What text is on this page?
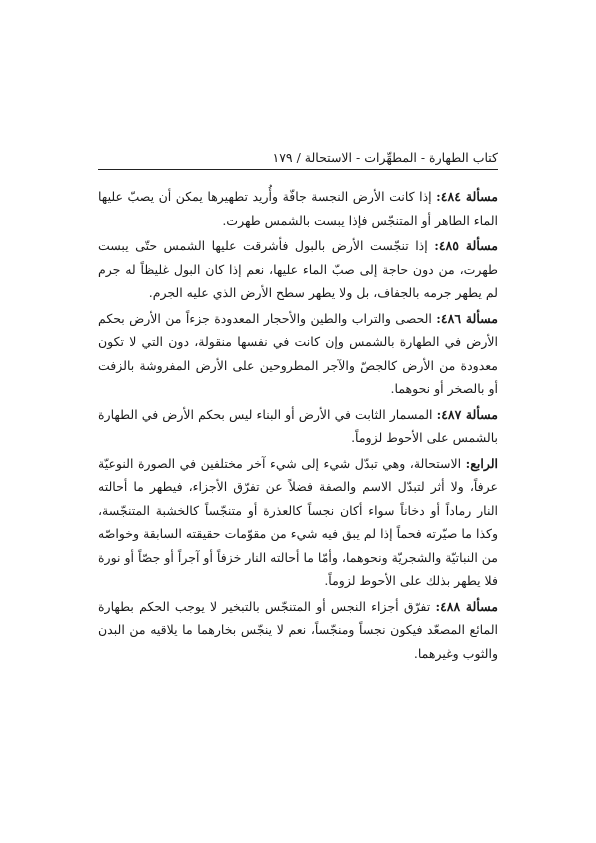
كتاب الطهارة - المطهِّرات - الاستحالة / ١٧٩

مسألة ٤٨٤: إذا كانت الأرض النجسة جافّة وأُريد تطهيرها يمكن أن يصبّ عليها الماء الطاهر أو المتنجّس فإذا يبست بالشمس طهرت.

مسألة ٤٨٥: إذا تنجّست الأرض بالبول فأشرقت عليها الشمس حتّى يبست طهرت، من دون حاجة إلى صبّ الماء عليها، نعم إذا كان البول غليظاً له جرم لم يطهر جرمه بالجفاف، بل ولا يطهر سطح الأرض الذي عليه الجرم.

مسألة ٤٨٦: الحصى والتراب والطين والأحجار المعدودة جزءاً من الأرض بحكم الأرض في الطهارة بالشمس وإن كانت في نفسها منقولة، دون التي لا تكون معدودة من الأرض كالجصّ والآجر المطروحين على الأرض المفروشة بالزفت أو بالصخر أو نحوهما.

مسألة ٤٨٧: المسمار الثابت في الأرض أو البناء ليس بحكم الأرض في الطهارة بالشمس على الأحوط لزوماً.

الرابع: الاستحالة، وهي تبدّل شيء إلى شيء آخر مختلفين في الصورة النوعيّة عرفاً، ولا أثر لتبدّل الاسم والصفة فضلاً عن تفرّق الأجزاء، فيطهر ما أحالته النار رماداً أو دخاناً سواء أكان نجساً كالعذرة أو متنجّساً كالخشبة المتنجّسة، وكذا ما صيّرته فحماً إذا لم يبق فيه شيء من مقوّمات حقيقته السابقة وخواصّه من النباتيّة والشجريّة ونحوهما، وأمّا ما أحالته النار خزفاً أو آجراً أو جصّاً أو نورة فلا يطهر بذلك على الأحوط لزوماً.

مسألة ٤٨٨: تفرّق أجزاء النجس أو المتنجّس بالتبخير لا يوجب الحكم بطهارة المائع المصعّد فيكون نجساً ومنجّساً، نعم لا ينجّس بخارهما ما يلاقيه من البدن والثوب وغيرهما.
